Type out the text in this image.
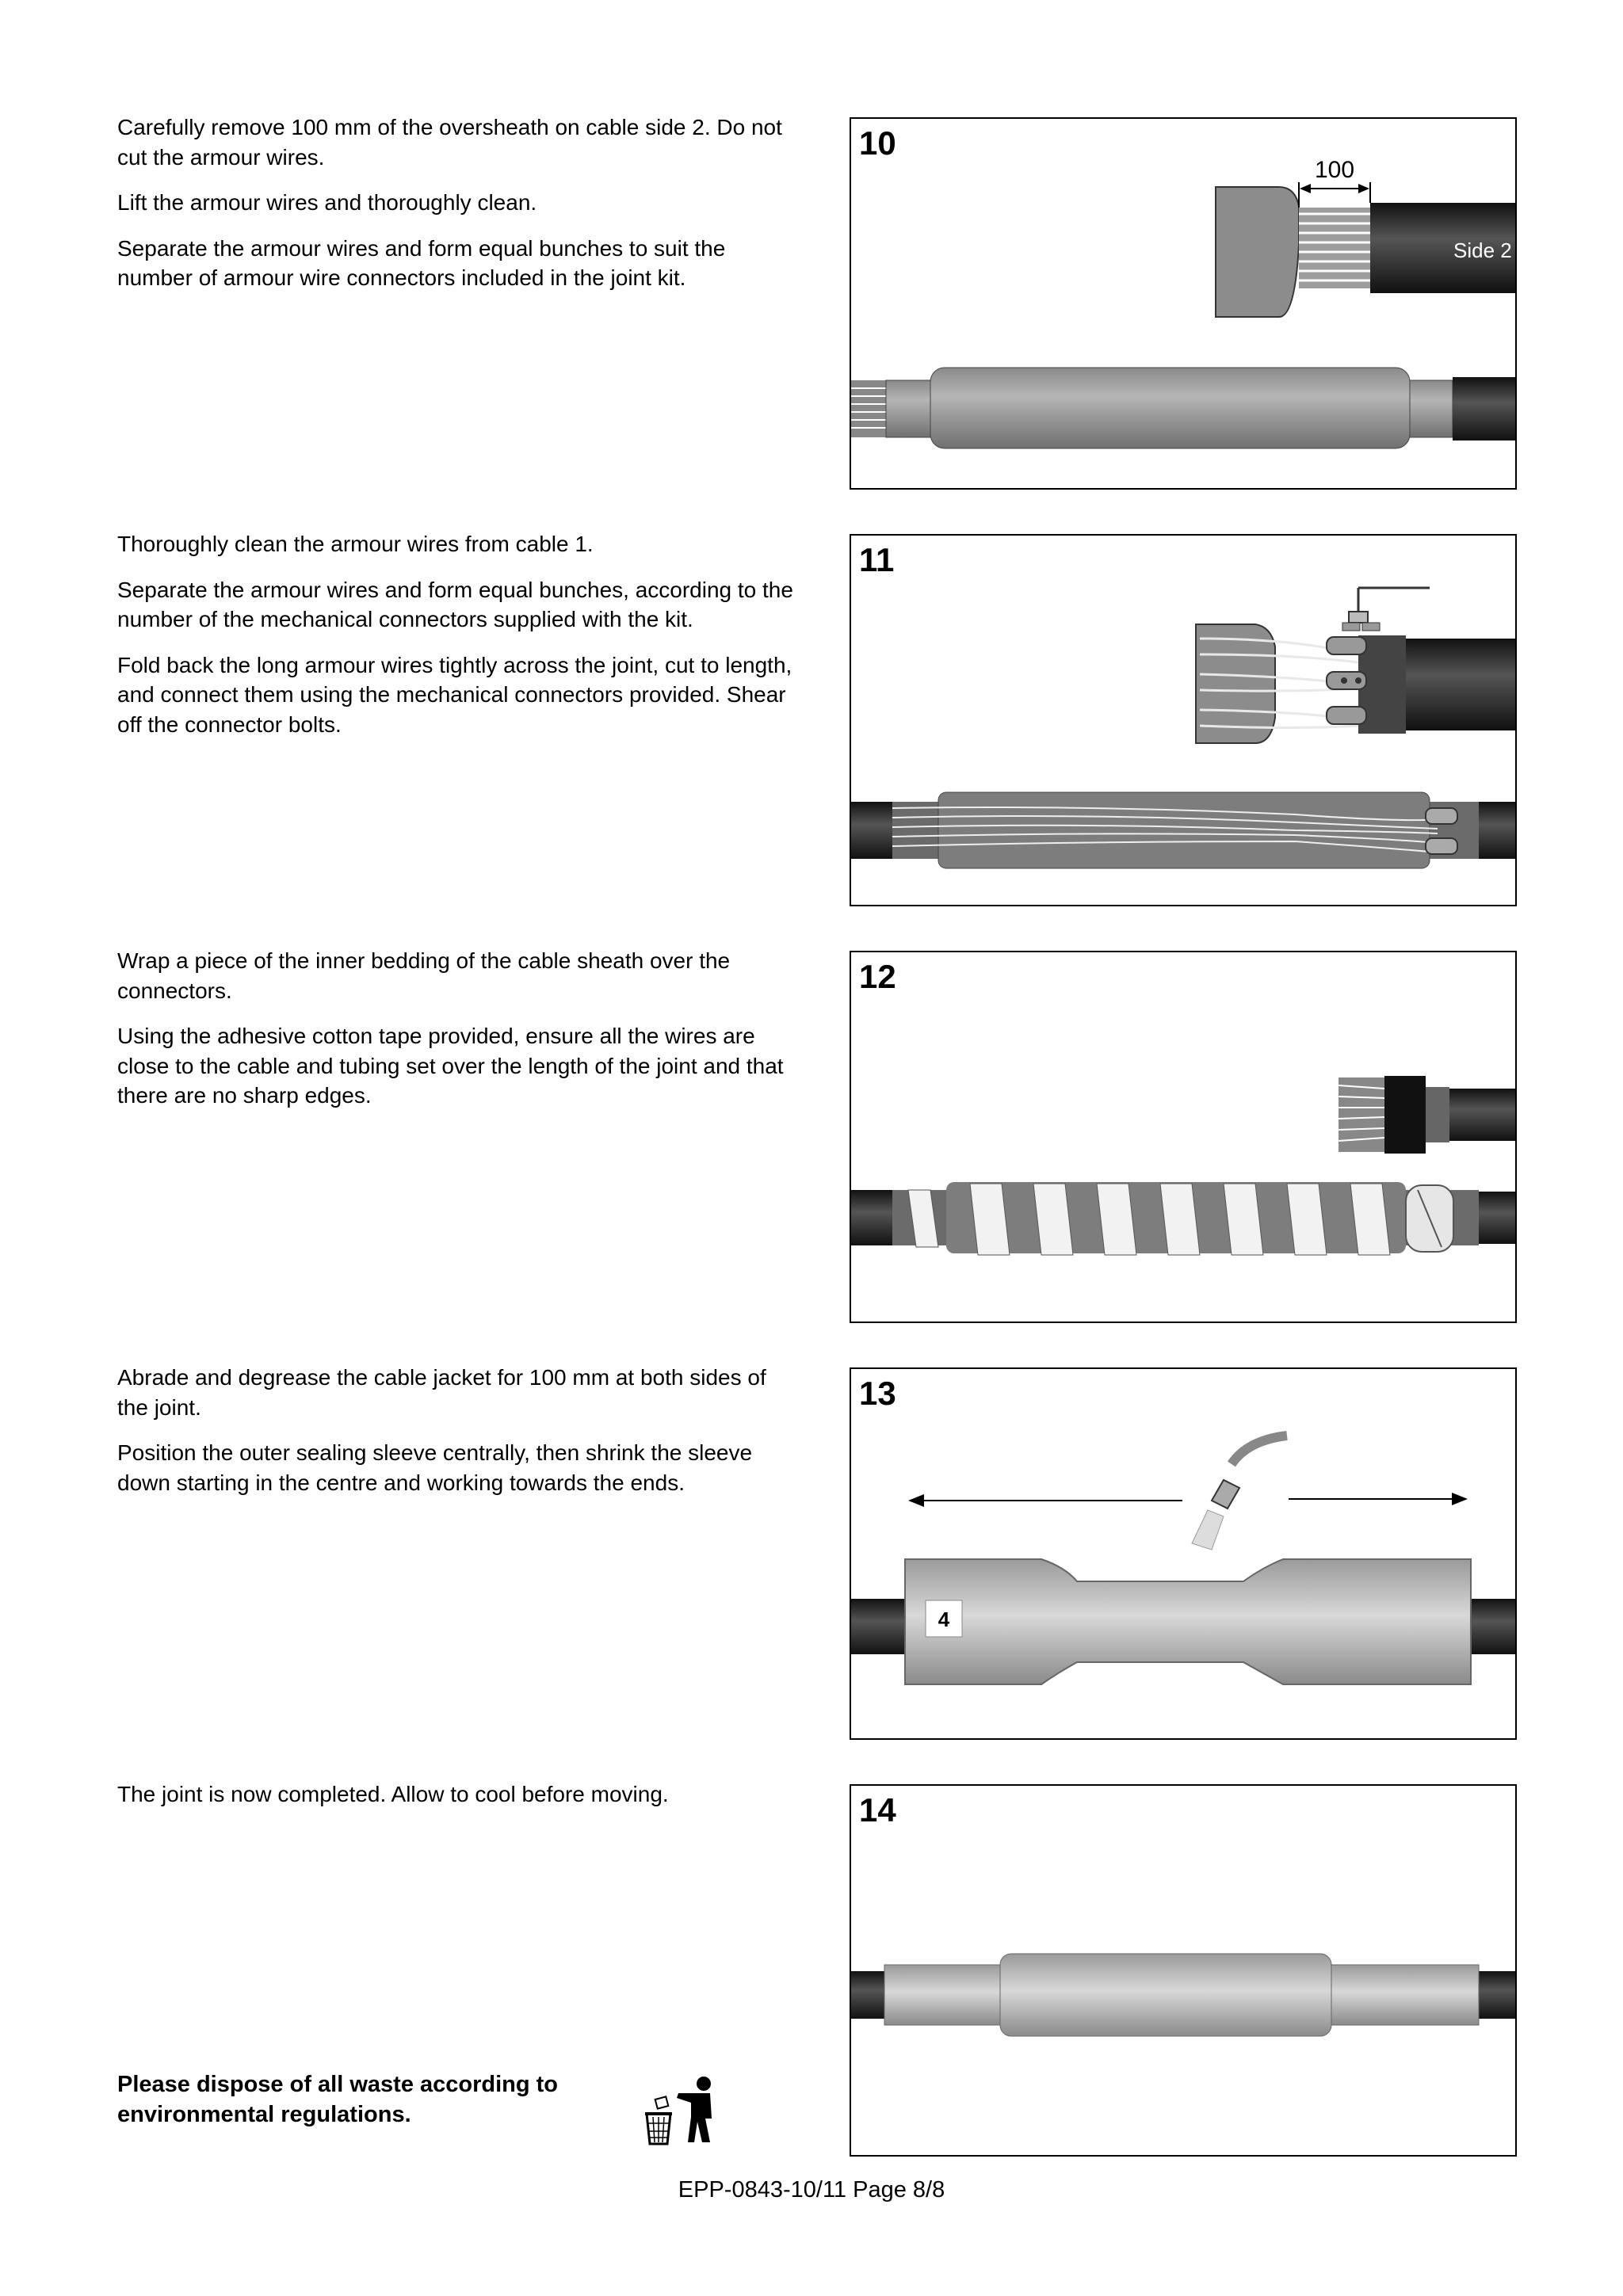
Carefully remove 100 mm of the oversheath on cable side 2. Do not cut the armour wires.

Lift the armour wires and thoroughly clean.

Separate the armour wires and form equal bunches to suit the number of armour wire connectors included in the joint kit.

Side 2
100
10

Thoroughly clean the armour wires from cable 1.

Separate the armour wires and form equal bunches, according to the number of the mechanical connectors supplied with the kit.

Fold back the long armour wires tightly across the joint, cut to length, and connect them using the mechanical connectors provided. Shear off the connector bolts.

11

Wrap a piece of the inner bedding of the cable sheath over the connectors.

Using the adhesive cotton tape provided, ensure all the wires are close to the cable and tubing set over the length of the joint and that there are no sharp edges.

12

Abrade and degrease the cable jacket for 100 mm at both sides of the joint.

Position the outer sealing sleeve centrally, then shrink the sleeve down starting in the centre and working towards the ends.

4
13

The joint is now completed. Allow to cool before moving.	14
Please dispose of all waste according to environmental regulations.
EPP-0843-10/11 Page 8/8
